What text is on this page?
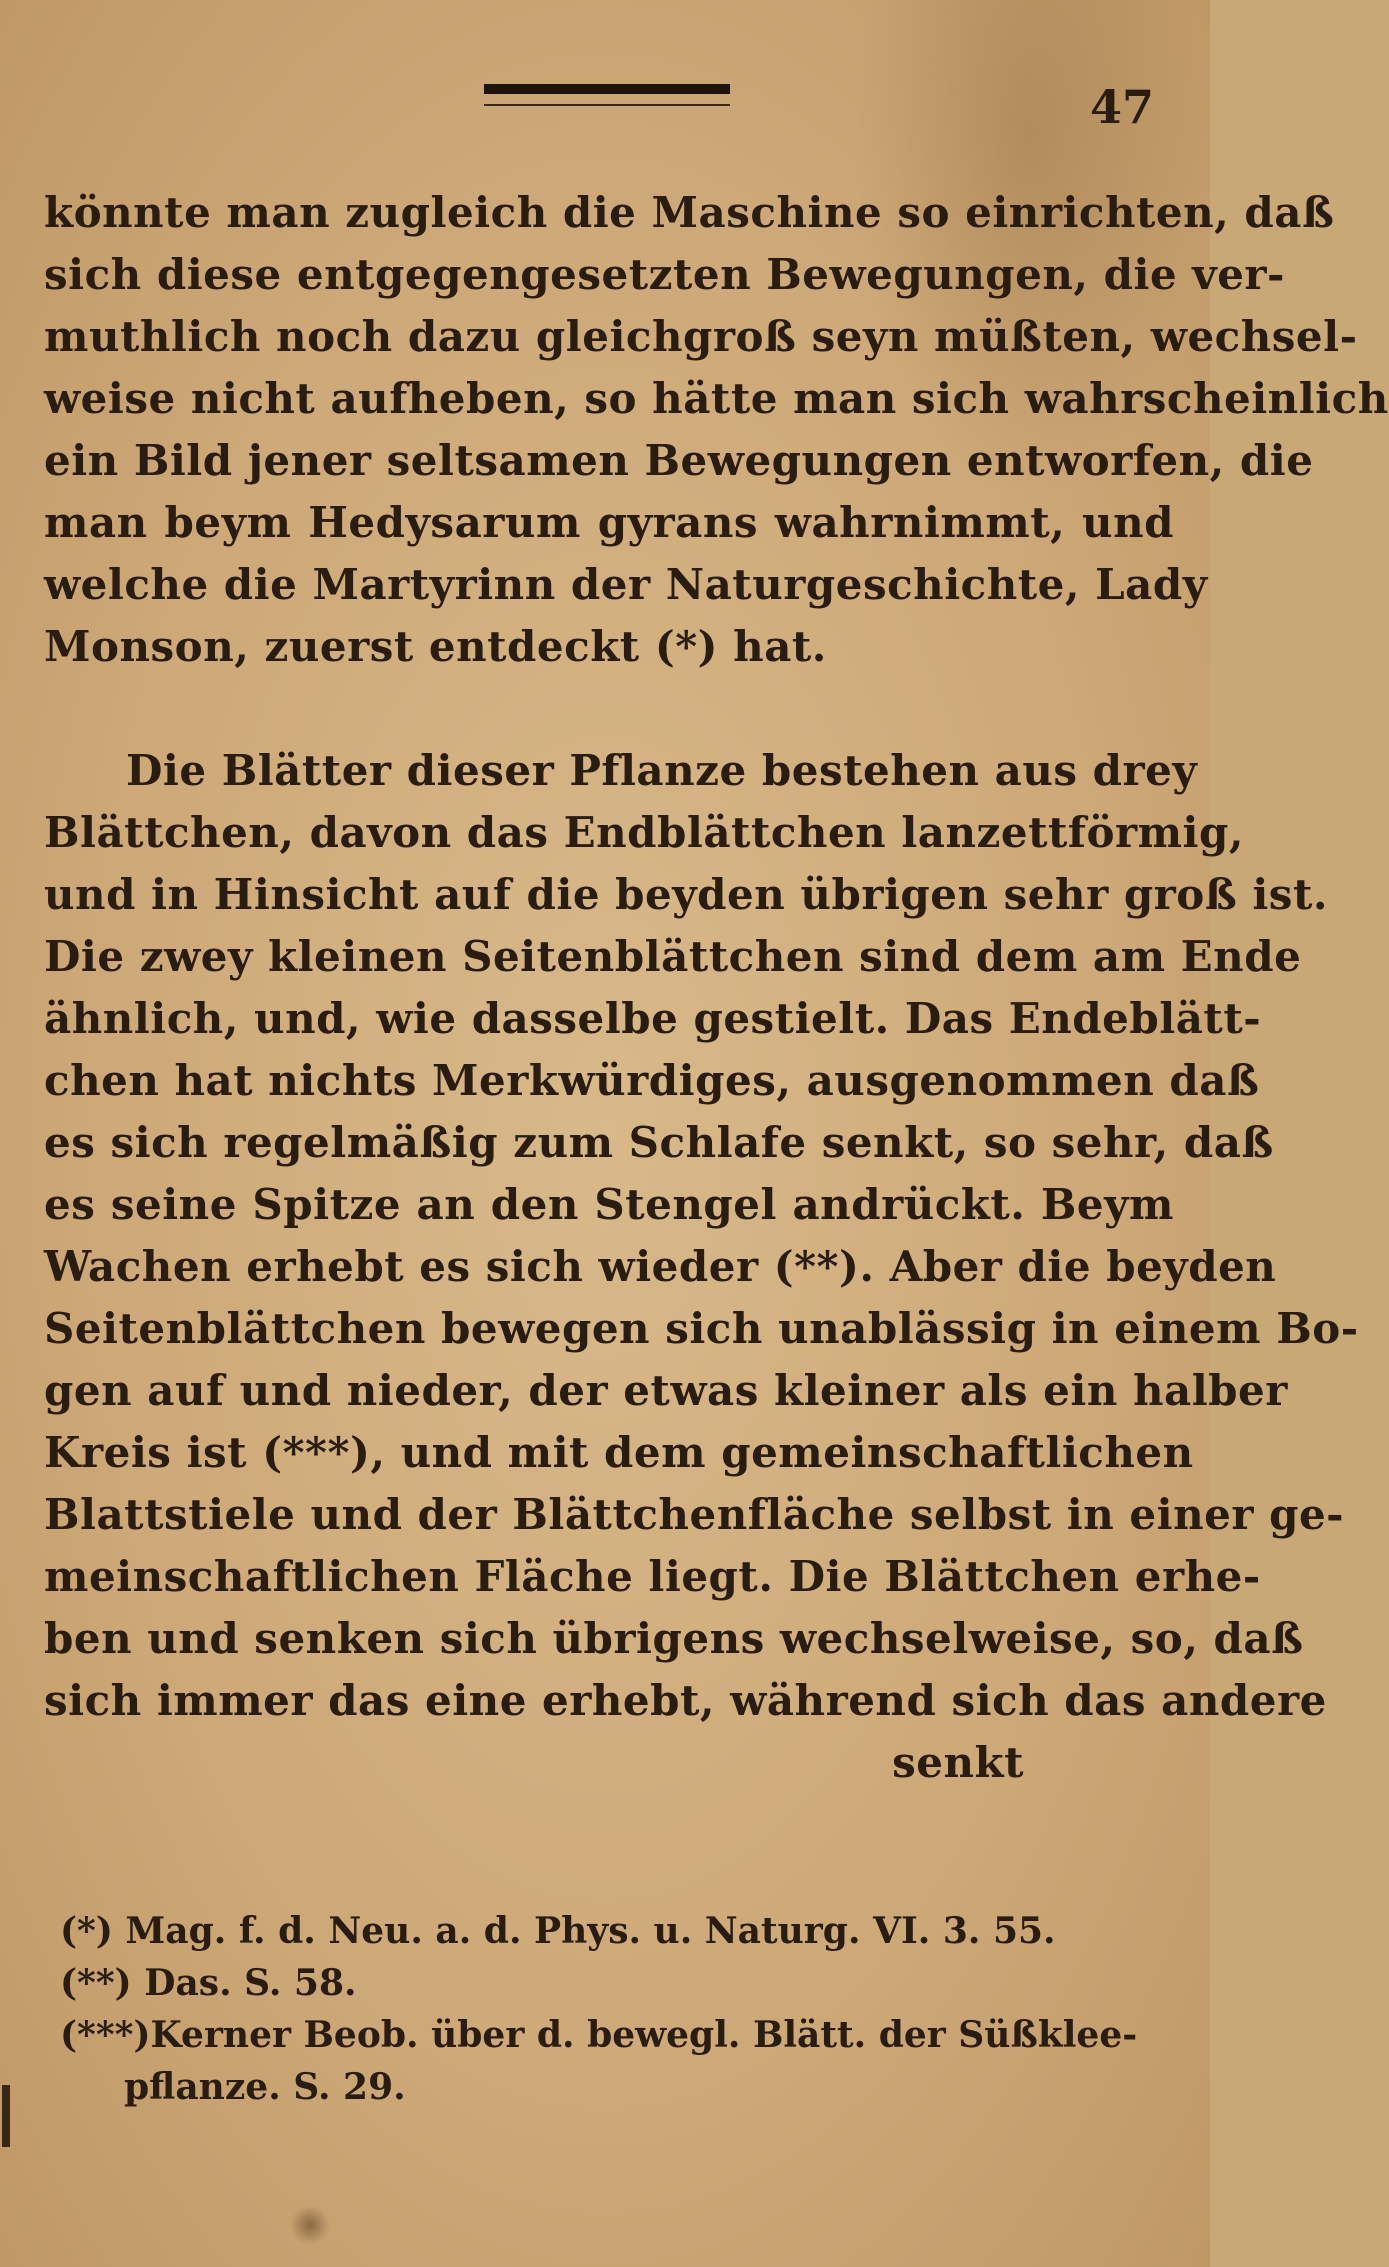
47
könnte man zugleich die Maschine so einrichten, daß
sich diese entgegengesetzten Bewegungen, die ver-
muthlich noch dazu gleichgroß seyn müßten, wechsel-
weise nicht aufheben, so hätte man sich wahrscheinlich
ein Bild jener seltsamen Bewegungen entworfen, die
man beym Hedysarum gyrans wahrnimmt, und
welche die Martyrinn der Naturgeschichte, Lady
Monson, zuerst entdeckt (*) hat.
Die Blätter dieser Pflanze bestehen aus drey
Blättchen, davon das Endblättchen lanzettförmig,
und in Hinsicht auf die beyden übrigen sehr groß ist.
Die zwey kleinen Seitenblättchen sind dem am Ende
ähnlich, und, wie dasselbe gestielt. Das Endeblätt-
chen hat nichts Merkwürdiges, ausgenommen daß
es sich regelmäßig zum Schlafe senkt, so sehr, daß
es seine Spitze an den Stengel andrückt. Beym
Wachen erhebt es sich wieder (**). Aber die beyden
Seitenblättchen bewegen sich unablässig in einem Bo-
gen auf und nieder, der etwas kleiner als ein halber
Kreis ist (***), und mit dem gemeinschaftlichen
Blattstiele und der Blättchenfläche selbst in einer ge-
meinschaftlichen Fläche liegt. Die Blättchen erhe-
ben und senken sich übrigens wechselweise, so, daß
sich immer das eine erhebt, während sich das andere
senkt
(*) Mag. f. d. Neu. a. d. Phys. u. Naturg. VI. 3. 55.
(**) Das. S. 58.
(***)Kerner Beob. über d. bewegl. Blätt. der Süßklee-
pflanze. S. 29.
